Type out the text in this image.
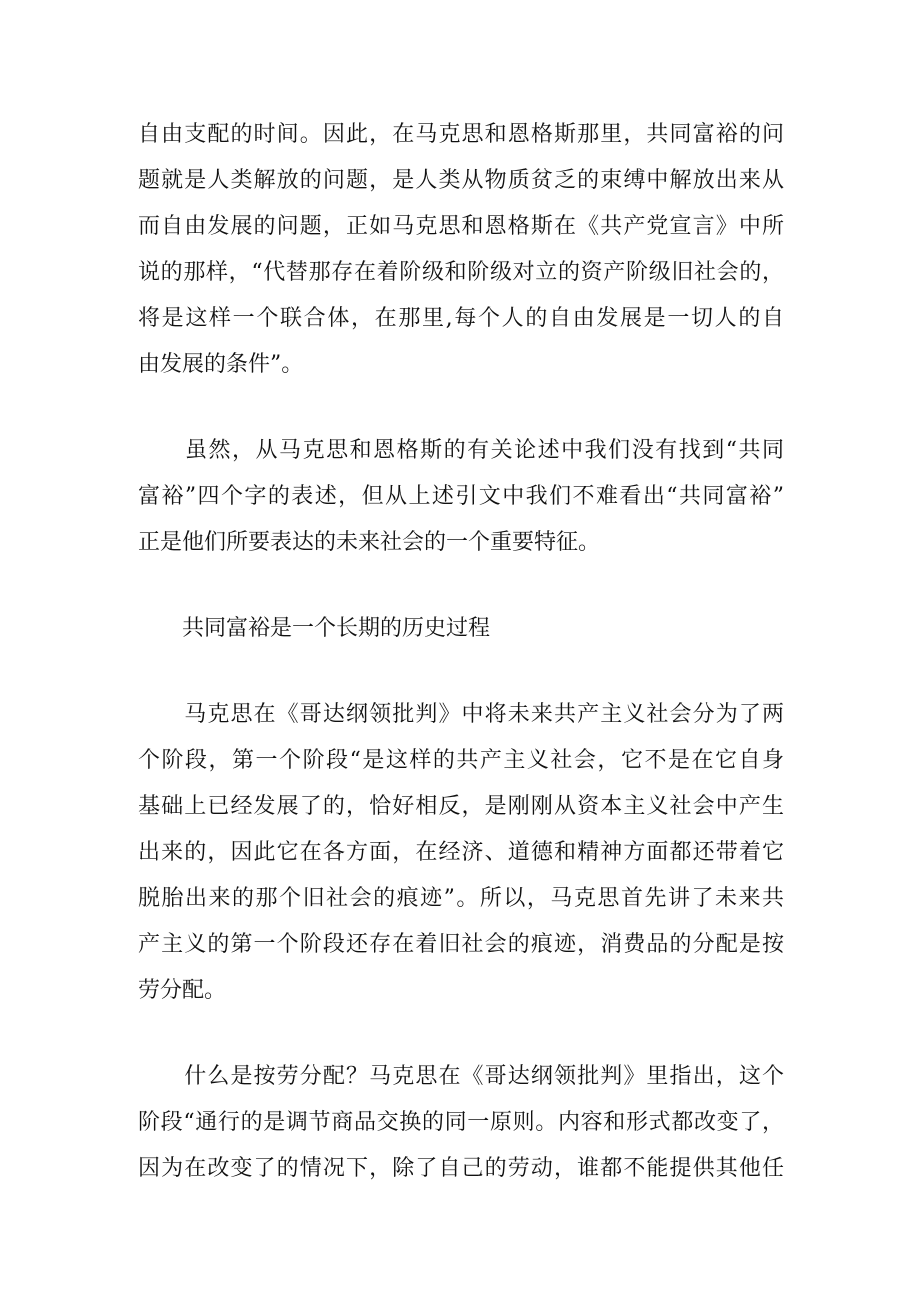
自由支配的时间。因此，在马克思和恩格斯那里，共同富裕的问
题就是人类解放的问题，是人类从物质贫乏的束缚中解放出来从
而自由发展的问题，正如马克思和恩格斯在《共产党宣言》中所
说的那样，“代替那存在着阶级和阶级对立的资产阶级旧社会的，
将是这样一个联合体，在那里,每个人的自由发展是一切人的自
由发展的条件”。
　　虽然，从马克思和恩格斯的有关论述中我们没有找到“共同
富裕”四个字的表述，但从上述引文中我们不难看出“共同富裕”
正是他们所要表达的未来社会的一个重要特征。
　　共同富裕是一个长期的历史过程
　　马克思在《哥达纲领批判》中将未来共产主义社会分为了两
个阶段，第一个阶段“是这样的共产主义社会，它不是在它自身
基础上已经发展了的，恰好相反，是刚刚从资本主义社会中产生
出来的，因此它在各方面，在经济、道德和精神方面都还带着它
脱胎出来的那个旧社会的痕迹”。所以，马克思首先讲了未来共
产主义的第一个阶段还存在着旧社会的痕迹，消费品的分配是按
劳分配。
　　什么是按劳分配？马克思在《哥达纲领批判》里指出，这个
阶段“通行的是调节商品交换的同一原则。内容和形式都改变了，
因为在改变了的情况下，除了自己的劳动，谁都不能提供其他任
